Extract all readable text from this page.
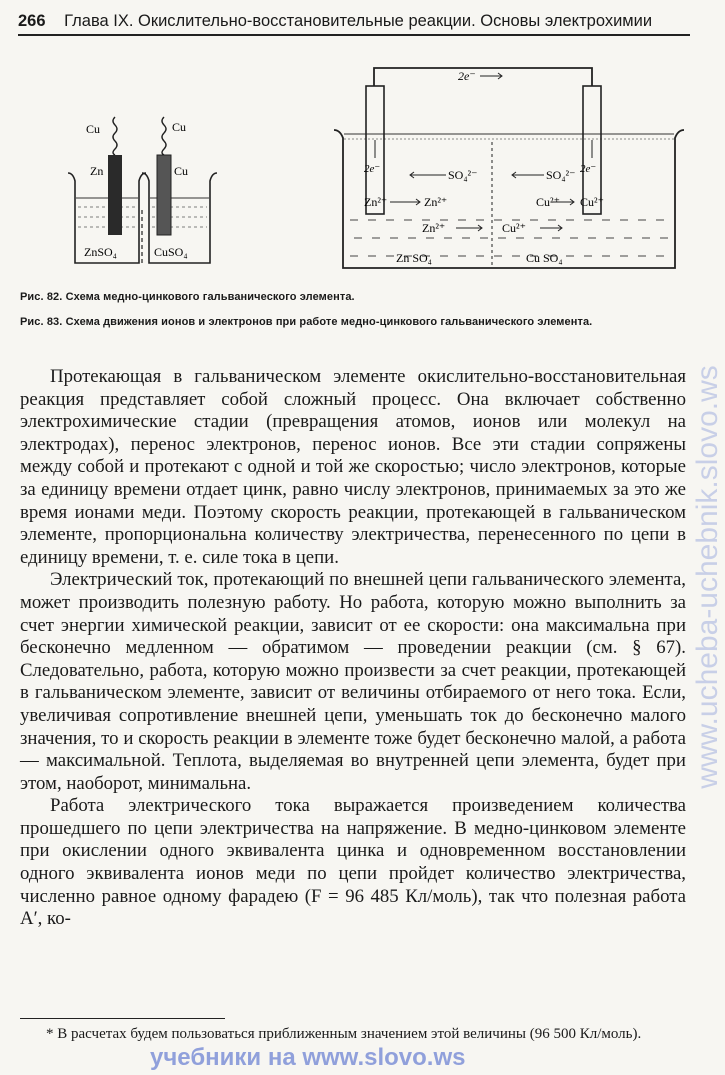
266 Глава IX. Окислительно-восстановительные реакции. Основы электрохимии
Cu	Cu
Zn	Cu
ZnSO₄	CuSO₄
2e⁻
2e⁻	2e⁻
SO₄²⁻	SO₄²⁻
Zn²⁺	Zn²⁺	Cu²⁺ Cu²⁺
Zn²⁺	Cu²⁺
Zn SO₄	Cu SO₄
Рис. 82. Схема медно-цинкового гальванического элемента.
Рис. 83. Схема движения ионов и электронов при работе медно-цинкового гальванического элемента.

Протекающая в гальваническом элементе окислительно-восстановительная реакция представляет собой сложный процесс. Она включает собственно электрохимические стадии (превращения атомов, ионов или молекул на электродах), перенос электронов, перенос ионов. Все эти стадии сопряжены между собой и протекают с одной и той же скоростью; число электронов, которые за единицу времени отдает цинк, равно числу электронов, принимаемых за это же время ионами меди. Поэтому скорость реакции, протекающей в гальваническом элементе, пропорциональна количеству электричества, перенесенного по цепи в единицу времени, т. е. силе тока в цепи.

Электрический ток, протекающий по внешней цепи гальванического элемента, может производить полезную работу. Но работа, которую можно выполнить за счет энергии химической реакции, зависит от ее скорости: она максимальна при бесконечно медленном — обратимом — проведении реакции (см. § 67). Следовательно, работа, которую можно произвести за счет реакции, протекающей в гальваническом элементе, зависит от величины отбираемого от него тока. Если, увеличивая сопротивление внешней цепи, уменьшать ток до бесконечно малого значения, то и скорость реакции в элементе тоже будет бесконечно малой, а работа — максимальной. Теплота, выделяемая во внутренней цепи элемента, будет при этом, наоборот, минимальна.

Работа электрического тока выражается произведением количества прошедшего по цепи электричества на напряжение. В медно-цинковом элементе при окислении одного эквивалента цинка и одновременном восстановлении одного эквивалента ионов меди по цепи пройдет количество электричества, численно равное одному фарадею (F = 96 485 Кл/моль), так что полезная работа A′, ко-

* В расчетах будем пользоваться приближенным значением этой величины (96 500 Кл/моль).

www.ucheba-uchebnik.slovo.ws
учебники на www.slovo.ws
